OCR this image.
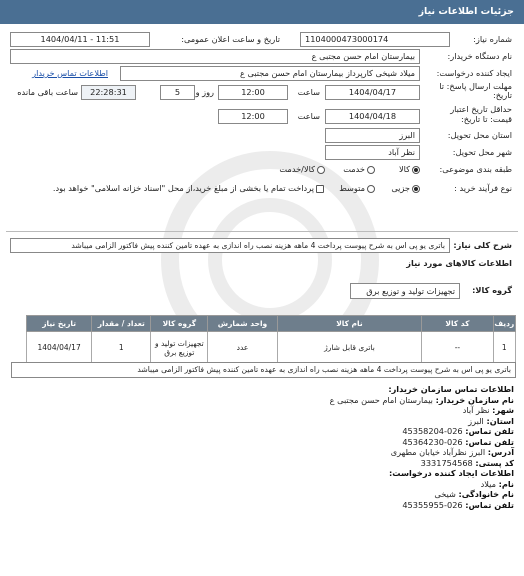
جزئیات اطلاعات نیاز
شماره نیاز:
1104000473000174
تاریخ و ساعت اعلان عمومی:
1404/04/11 - 11:51
نام دستگاه خریدار:
بیمارستان امام حسن مجتبی ع
ایجاد کننده درخواست:
میلاد شیخی کارپرداز بیمارستان امام حسن مجتبی ع
اطلاعات تماس خریدار
مهلت ارسال پاسخ: تا
تاریخ:
1404/04/17
ساعت
12:00
5	روز و
22:28:31
ساعت باقی مانده
حداقل تاریخ اعتبار
قیمت: تا تاریخ:
1404/04/18
ساعت
12:00
استان محل تحویل:
البرز
شهر محل تحویل:
نظر آباد
طبقه بندی موضوعی:
کالا
خدمت
کالا/خدمت
نوع فرآیند خرید :
جزیی
متوسط
پرداخت تمام یا بخشی از مبلغ خرید،از محل "اسناد خزانه اسلامی" خواهد بود.
شرح کلی نیاز:
باتری یو پی اس به شرح پیوست پرداخت 4 ماهه هزینه نصب راه اندازی به عهده تامین کننده پیش فاکتور الزامی میباشد
اطلاعات کالاهای مورد نیاز
گروه کالا:
تجهیزات تولید و توزیع برق
ردیف	کد کالا	نام کالا	واحد شمارش	گروه کالا	تعداد / مقدار	تاریخ نیاز
1	--	باتری قابل شارژ	عدد	تجهیزات تولید و توزیع برق	1	1404/04/17
باتری یو پی اس به شرح پیوست پرداخت 4 ماهه هزینه نصب راه اندازی به عهده تامین کننده پیش فاکتور الزامی میباشد

اطلاعات تماس سازمان خریدار:

نام سازمان خریدار: بیمارستان امام حسن مجتبی ع

شهر: نظر آباد

استان: البرز

تلفن تماس: 026-45358204

تلفن تماس: 026-45364230

آدرس: البرز نظرآباد خیابان مطهری

کد پستی: 3331754568

اطلاعات ایجاد کننده درخواست:

نام: میلاد

نام خانوادگی: شیخی

تلفن تماس: 026-45355955
